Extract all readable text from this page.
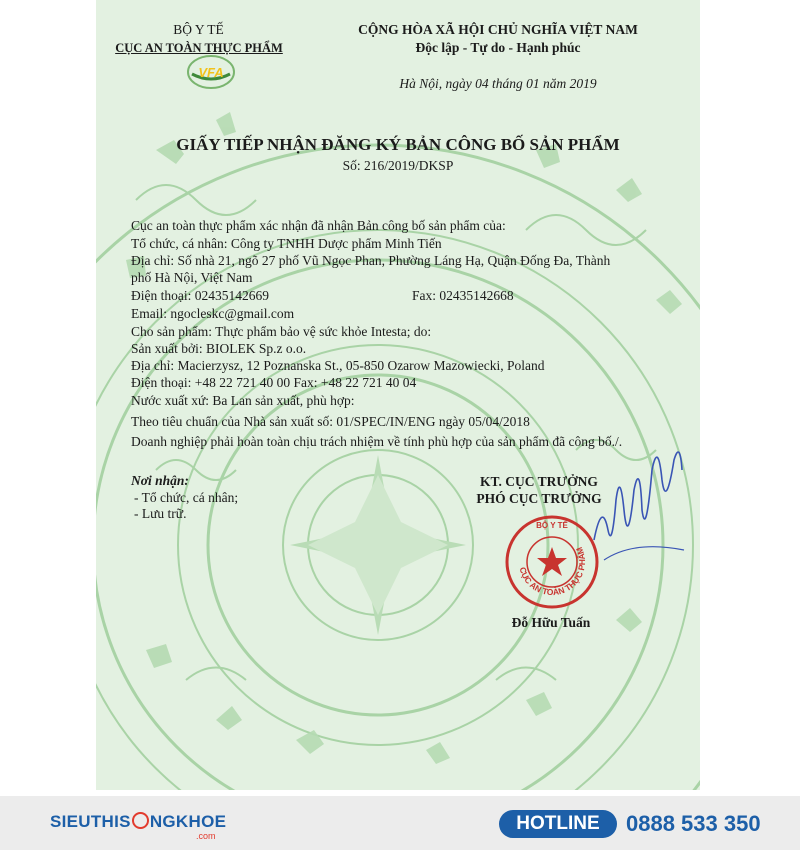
VFA
BỘ Y TẾ
CỤC AN TOÀN THỰC PHẨM
CỘNG HÒA XÃ HỘI CHỦ NGHĨA VIỆT NAM
Độc lập - Tự do - Hạnh phúc
Hà Nội, ngày 04 tháng 01 năm 2019
GIẤY TIẾP NHẬN ĐĂNG KÝ BẢN CÔNG BỐ SẢN PHẨM
Số: 216/2019/DKSP
Cục an toàn thực phẩm xác nhận đã nhận Bản công bố sản phẩm của:
Tổ chức, cá nhân: Công ty TNHH Dược phẩm Minh Tiến
Địa chỉ: Số nhà 21, ngõ 27 phố Vũ Ngọc Phan, Phường Láng Hạ, Quận Đống Đa, Thành
phố Hà Nội, Việt Nam
Điện thoại: 02435142669	Fax: 02435142668
Email: ngocleskc@gmail.com
Cho sản phẩm: Thực phẩm bảo vệ sức khỏe Intesta; do:
Sản xuất bởi: BIOLEK Sp.z o.o.
Địa chỉ: Macierzysz, 12 Poznanska St., 05-850 Ozarow Mazowiecki, Poland
Điện thoại: +48 22 721 40 00 Fax: +48 22 721 40 04
Nước xuất xứ: Ba Lan sản xuất, phù hợp:
Theo tiêu chuẩn của Nhà sản xuất số: 01/SPEC/IN/ENG ngày 05/04/2018
Doanh nghiệp phải hoàn toàn chịu trách nhiệm về tính phù hợp của sản phẩm đã công bố./.
Nơi nhận:
- Tổ chức, cá nhân;
- Lưu trữ.
KT. CỤC TRƯỞNG
PHÓ CỤC TRƯỞNG
CỤC AN TOÀN THỰC PHẨM
BỘ Y TẾ
Đỗ Hữu Tuấn
SIEUTHIS NGKHOE
.com
HOTLINE	0888 533 350
